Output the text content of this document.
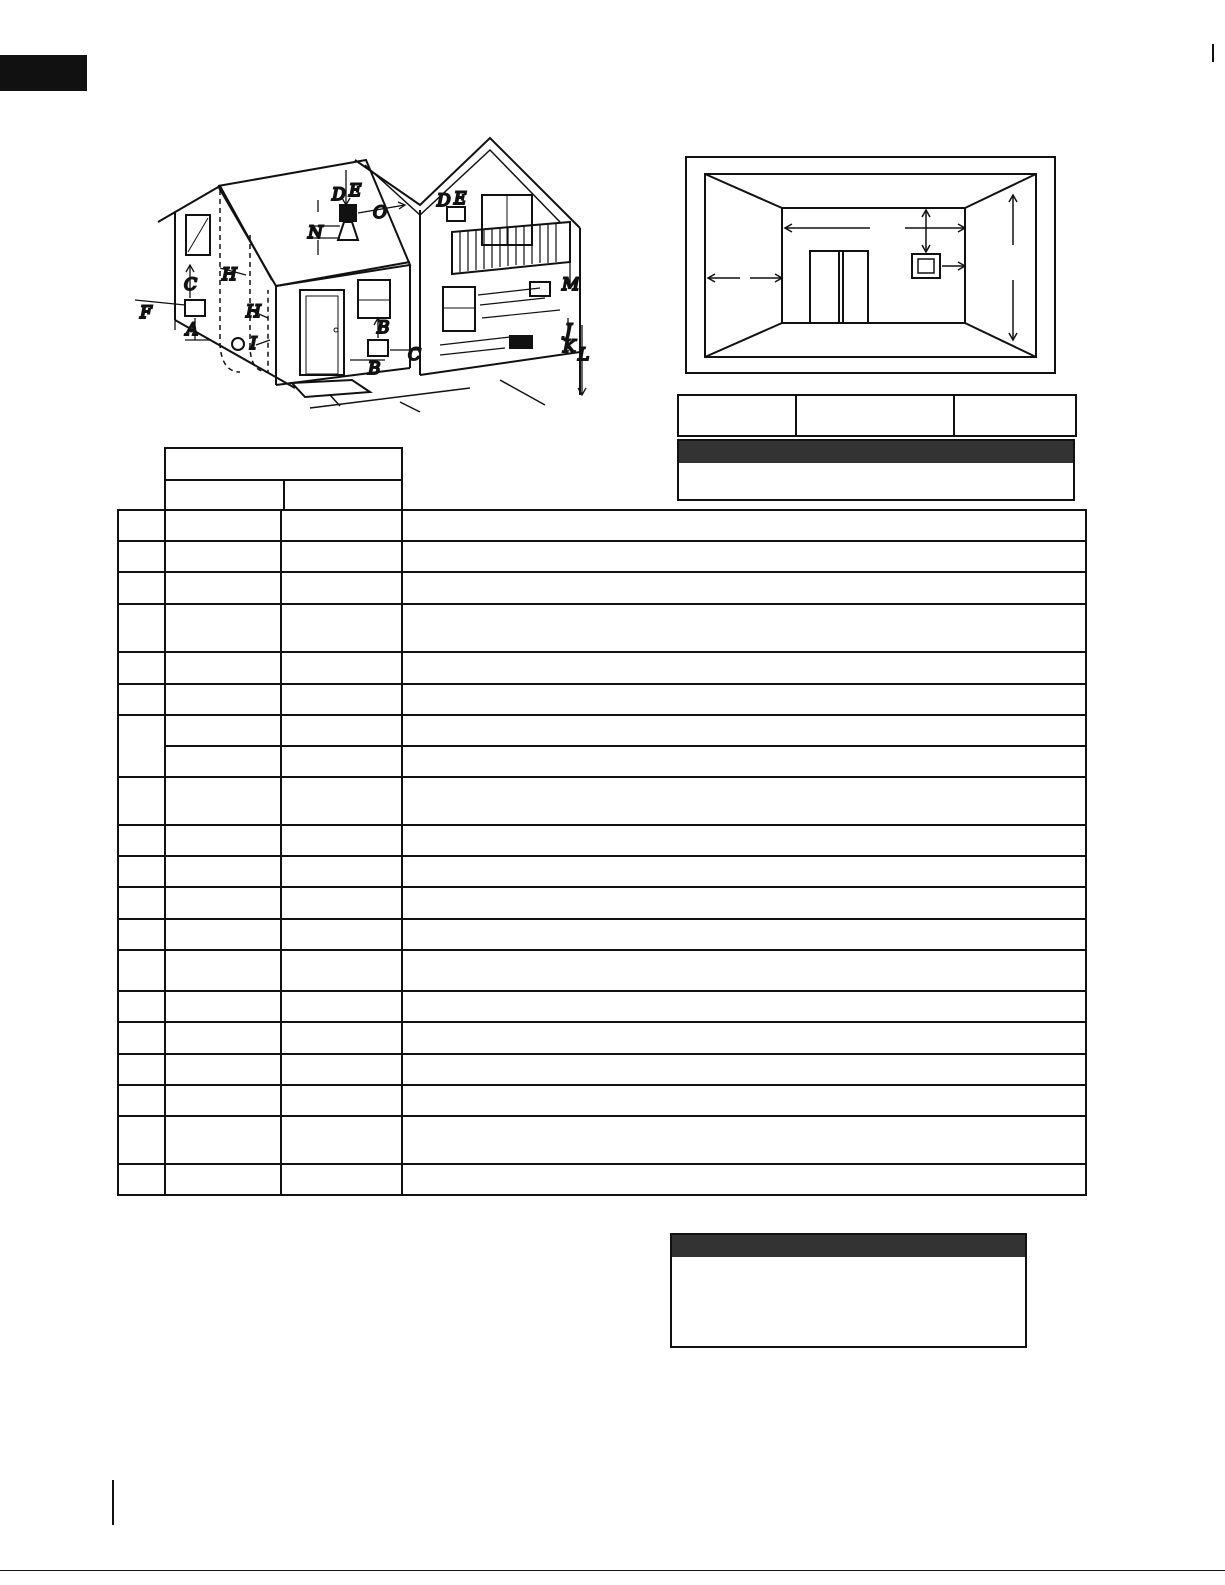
D E
O
N
D E
C H
H
F
A
I
B
C
B
M
J
K L
